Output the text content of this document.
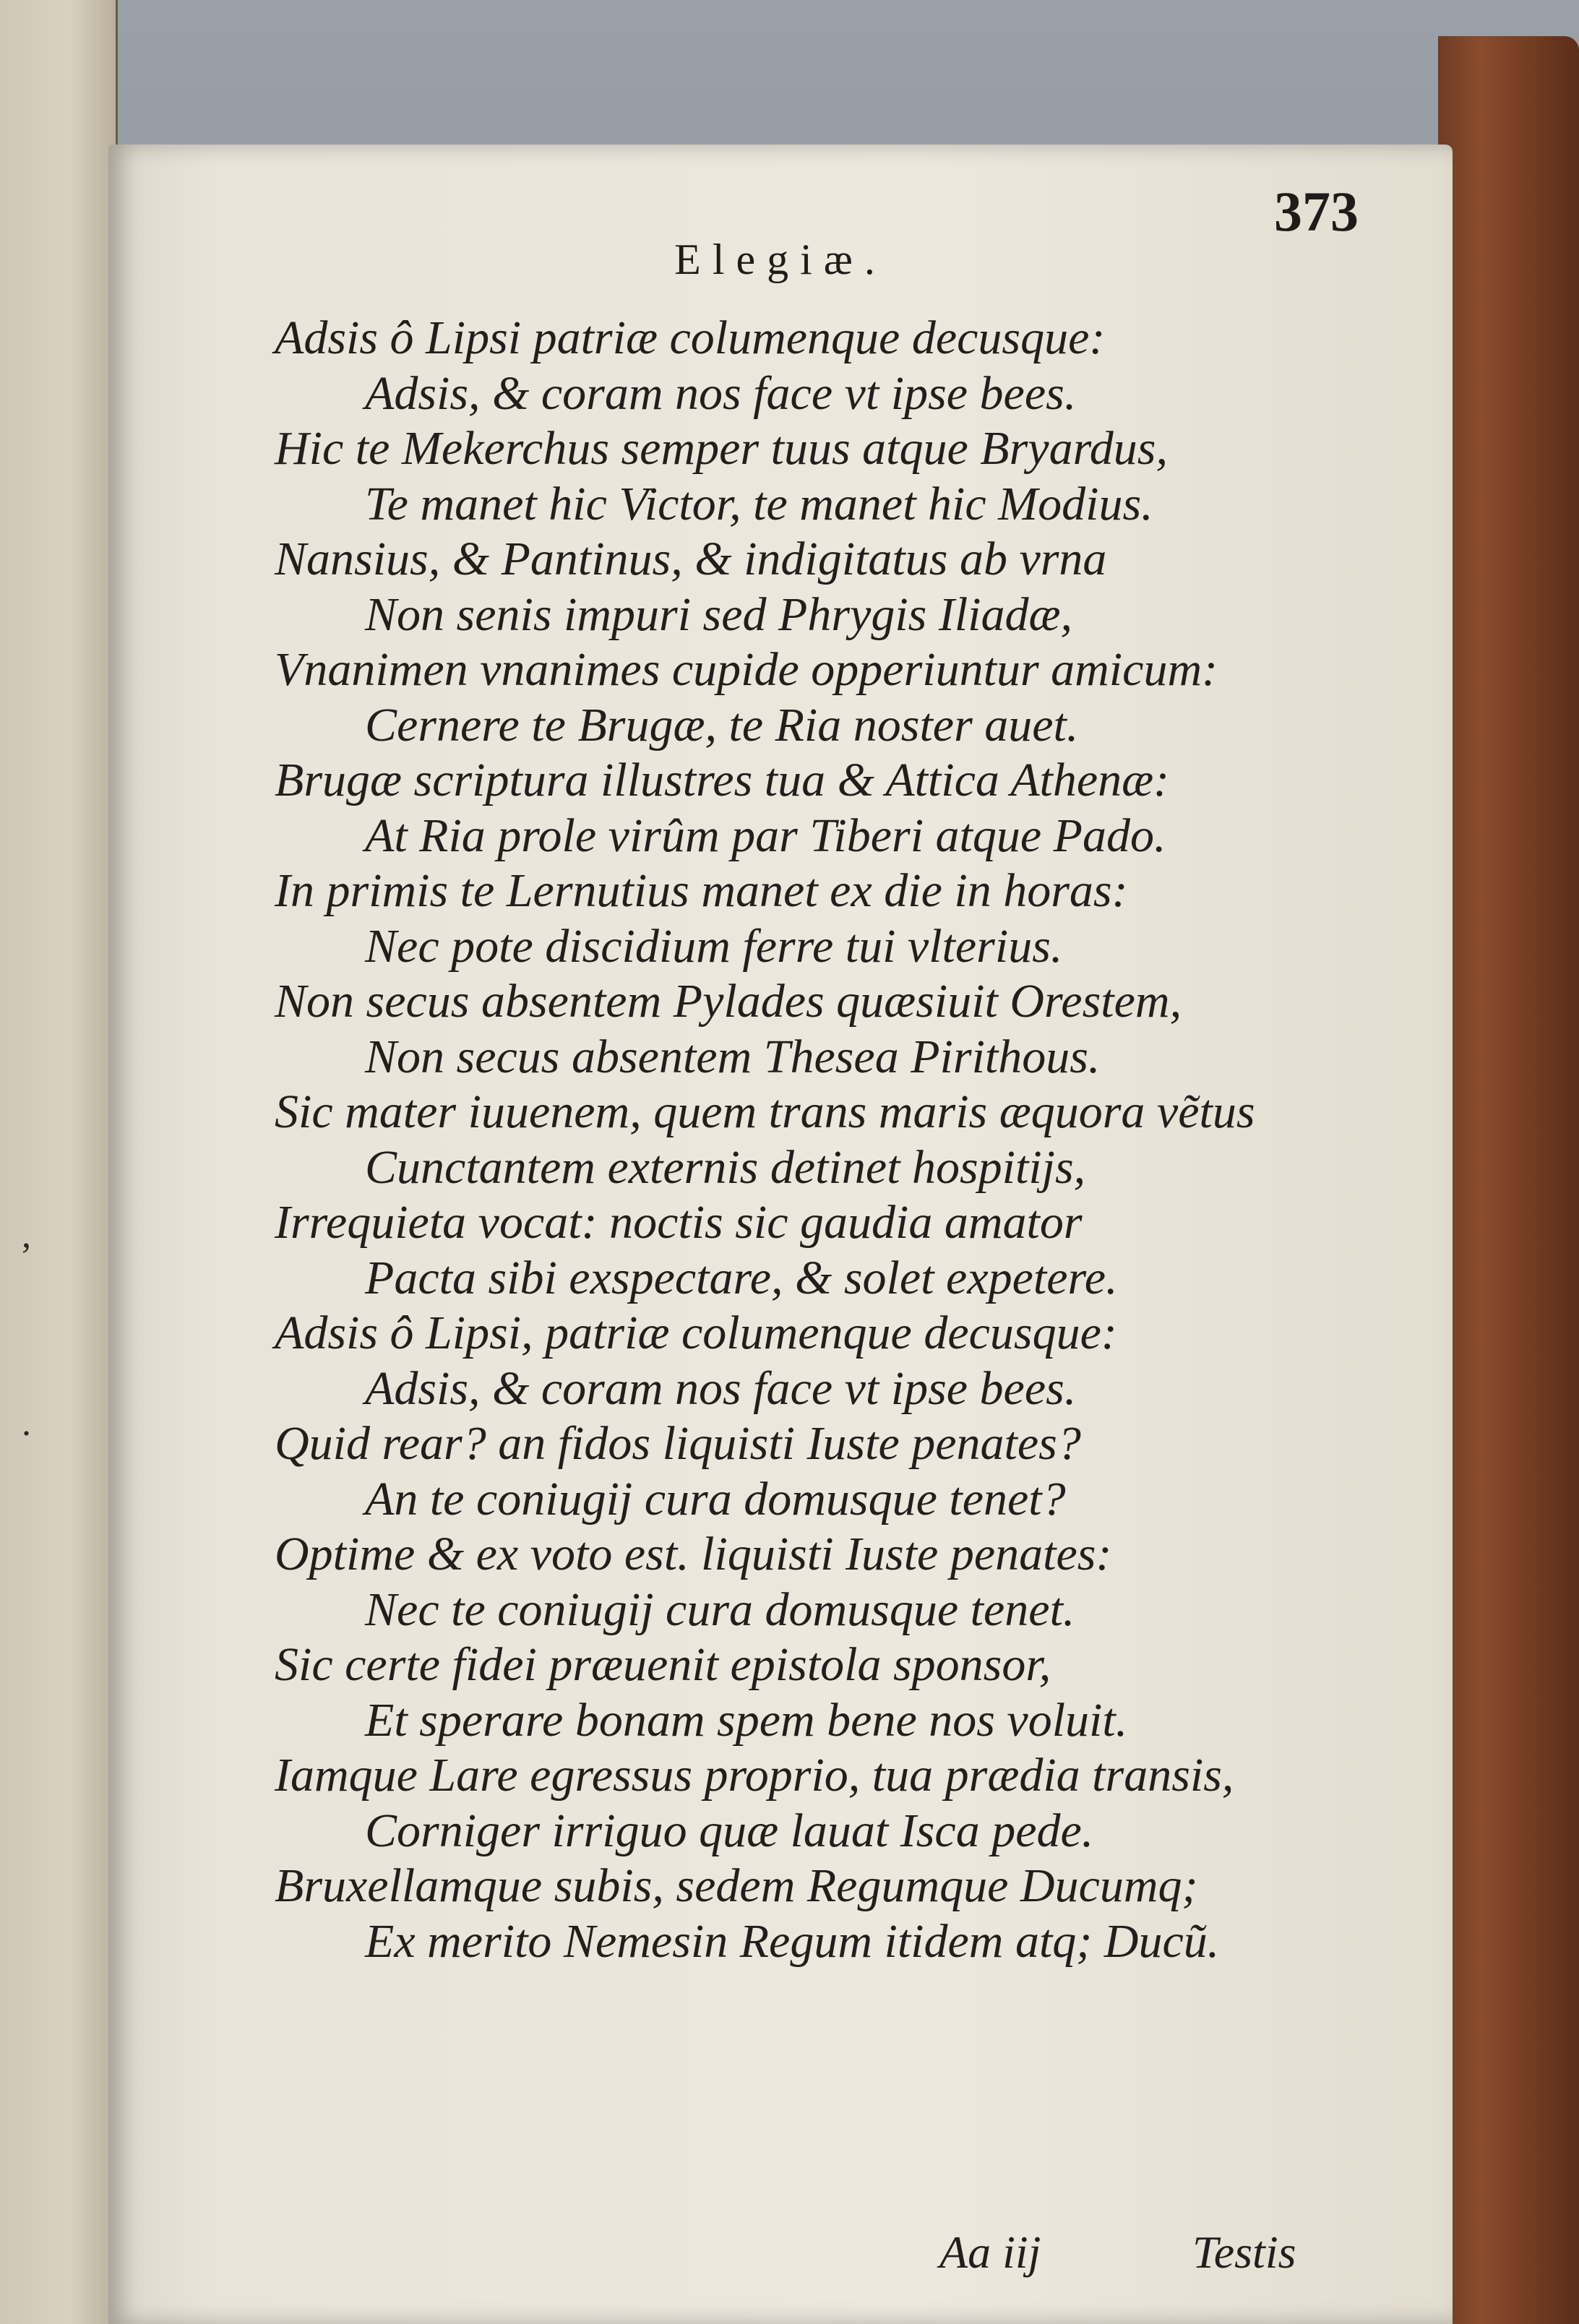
,
.
373
Elegiæ.
Adsis ô Lipsi patriæ columenque decusque:
Adsis, & coram nos face vt ipse bees.
Hic te Mekerchus semper tuus atque Bryardus,
Te manet hic Victor, te manet hic Modius.
Nansius, & Pantinus, & indigitatus ab vrna
Non senis impuri sed Phrygis Iliadæ,
Vnanimen vnanimes cupide opperiuntur amicum:
Cernere te Brugæ, te Ria noster auet.
Brugæ scriptura illustres tua & Attica Athenæ:
At Ria prole virûm par Tiberi atque Pado.
In primis te Lernutius manet ex die in horas:
Nec pote discidium ferre tui vlterius.
Non secus absentem Pylades quæsiuit Orestem,
Non secus absentem Thesea Pirithous.
Sic mater iuuenem, quem trans maris æquora vẽtus
Cunctantem externis detinet hospitijs,
Irrequieta vocat: noctis sic gaudia amator
Pacta sibi exspectare, & solet expetere.
Adsis ô Lipsi, patriæ columenque decusque:
Adsis, & coram nos face vt ipse bees.
Quid rear? an fidos liquisti Iuste penates?
An te coniugij cura domusque tenet?
Optime & ex voto est. liquisti Iuste penates:
Nec te coniugij cura domusque tenet.
Sic certe fidei præuenit epistola sponsor,
Et sperare bonam spem bene nos voluit.
Iamque Lare egressus proprio, tua prædia transis,
Corniger irriguo quæ lauat Isca pede.
Bruxellamque subis, sedem Regumque Ducumq;
Ex merito Nemesin Regum itidem atq; Ducũ.
Aa iij	Testis
